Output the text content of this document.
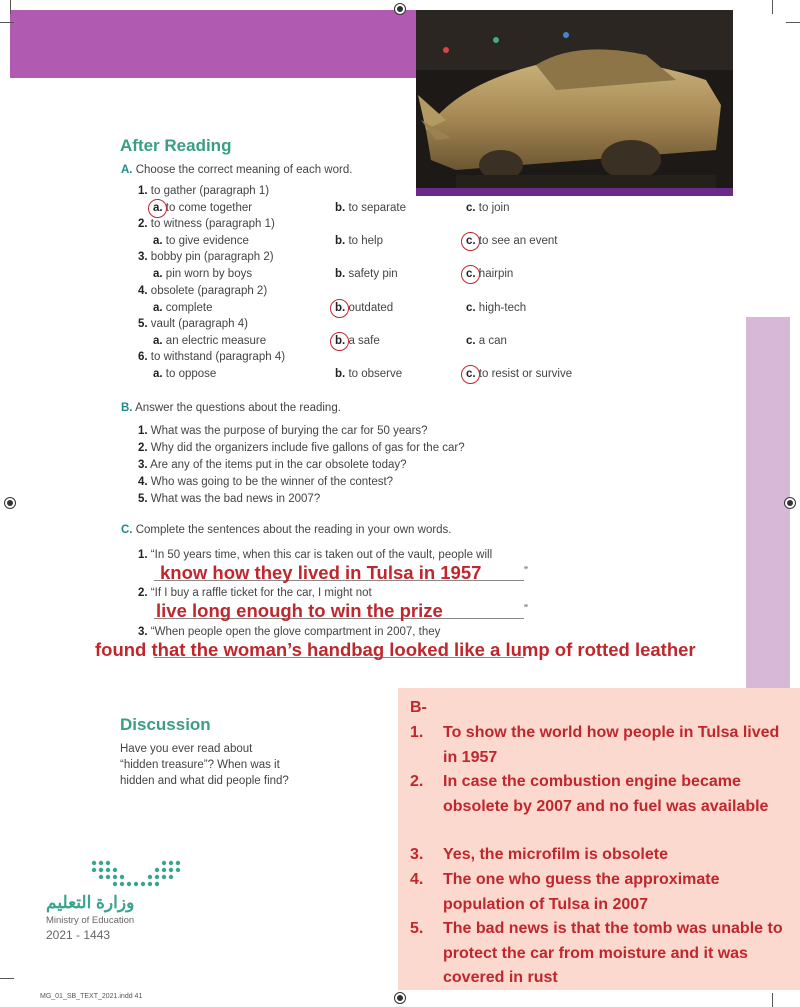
After Reading
A. Choose the correct meaning of each word.
1. to gather (paragraph 1)
a. to come together	b. to separate	c. to join
2. to witness (paragraph 1)
a. to give evidence	b. to help	c. to see an event
3. bobby pin (paragraph 2)
a. pin worn by boys	b. safety pin	c. hairpin
4. obsolete (paragraph 2)
a. complete	b. outdated	c. high-tech
5. vault (paragraph 4)
a. an electric measure	b. a safe	c. a can
6. to withstand (paragraph 4)
a. to oppose	b. to observe	c. to resist or survive
B. Answer the questions about the reading.
1. What was the purpose of burying the car for 50 years?
2. Why did the organizers include five gallons of gas for the car?
3. Are any of the items put in the car obsolete today?
4. Who was going to be the winner of the contest?
5. What was the bad news in 2007?
C. Complete the sentences about the reading in your own words.
1. “In 50 years time, when this car is taken out of the vault, people will
know how they lived in Tulsa in 1957	”
2. “If I buy a raffle ticket for the car, I might not
live long enough to win the prize	”
3. “When people open the glove compartment in 2007, they
found that the woman’s handbag looked like a lump of rotted leather
Discussion
Have you ever read about “hidden treasure”? When was it hidden and what did people find?
وزارة التعليم
Ministry of Education
2021 - 1443
MG_01_SB_TEXT_2021.indd 41
B-
1. To show the world how people in Tulsa lived in 1957
2. In case the combustion engine became obsolete by 2007 and no fuel was available
3. Yes, the microfilm is obsolete
4. The one who guess the approximate population of Tulsa in 2007
5. The bad news is that the tomb was unable to protect the car from moisture and it was covered in rust
